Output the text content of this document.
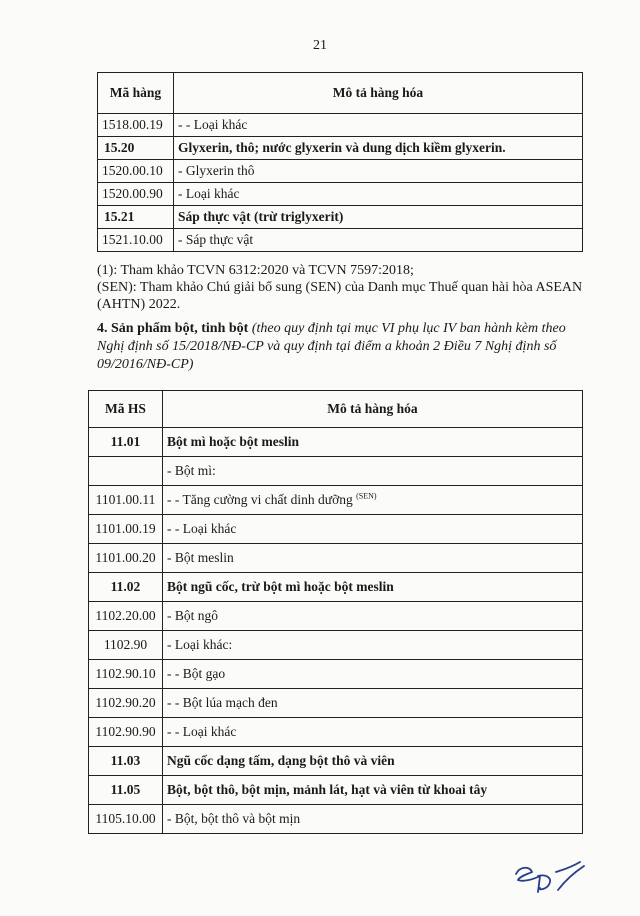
21
Mã hàng	Mô tả hàng hóa
1518.00.19	- - Loại khác
15.20	Glyxerin, thô; nước glyxerin và dung dịch kiềm glyxerin.
1520.00.10	- Glyxerin thô
1520.00.90	- Loại khác
15.21	Sáp thực vật (trừ triglyxerit)
1521.10.00	- Sáp thực vật

(1): Tham khảo TCVN 6312:2020 và TCVN 7597:2018;

(SEN): Tham khảo Chú giải bổ sung (SEN) của Danh mục Thuế quan hài hòa ASEAN (AHTN) 2022.

4. Sản phẩm bột, tinh bột (theo quy định tại mục VI phụ lục IV ban hành kèm theo Nghị định số 15/2018/NĐ-CP và quy định tại điểm a khoản 2 Điều 7 Nghị định số 09/2016/NĐ-CP)
Mã HS	Mô tả hàng hóa
11.01	Bột mì hoặc bột meslin
	- Bột mì:
1101.00.11	- - Tăng cường vi chất dinh dưỡng $^{(SEN)}$
1101.00.19	- - Loại khác
1101.00.20	- Bột meslin
11.02	Bột ngũ cốc, trừ bột mì hoặc bột meslin
1102.20.00	- Bột ngô
1102.90	- Loại khác:
1102.90.10	- - Bột gạo
1102.90.20	- - Bột lúa mạch đen
1102.90.90	- - Loại khác
11.03	Ngũ cốc dạng tấm, dạng bột thô và viên
11.05	Bột, bột thô, bột mịn, mảnh lát, hạt và viên từ khoai tây
1105.10.00	- Bột, bột thô và bột mịn
